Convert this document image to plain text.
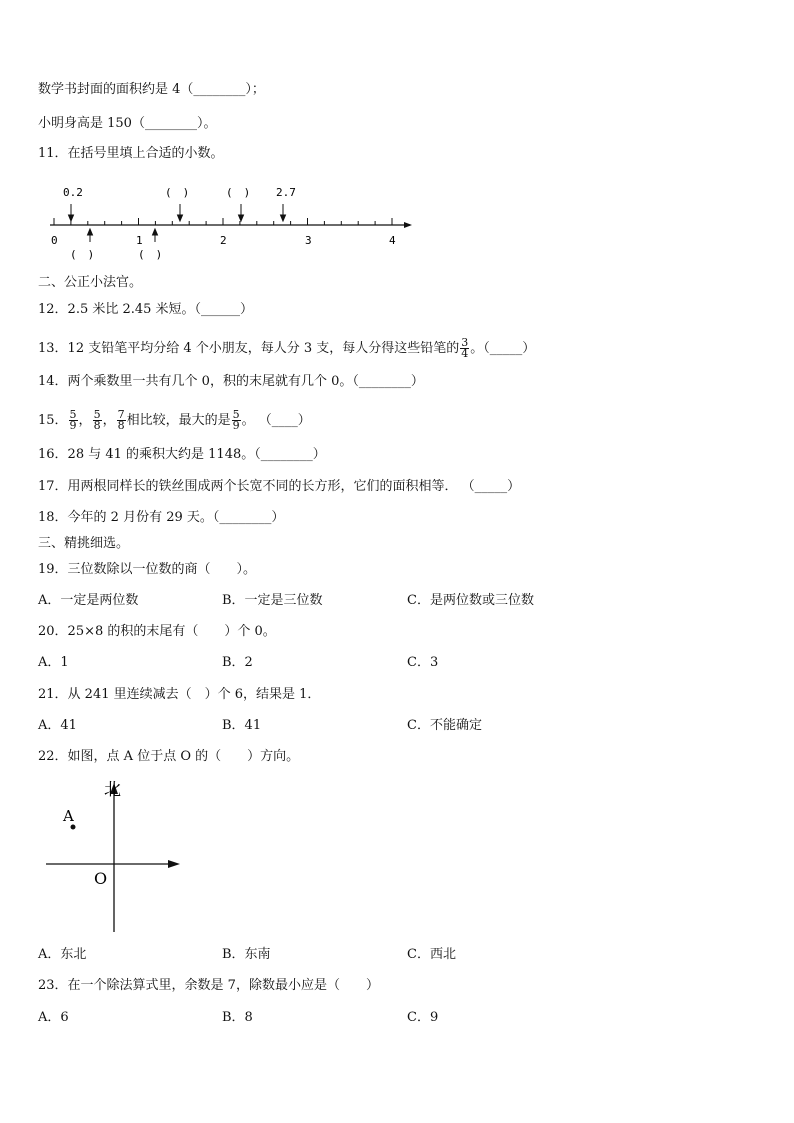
数学书封面的面积约是 4（________）；
小明身高是 150（________）。
11．在括号里填上合适的小数。
0.2	(　)	(　) 2.7
0	1	2	3	4
(　)	(　)
二、公正小法官。
12．2.5 米比 2.45 米短。（______）
13．12 支铅笔平均分给 4 个小朋友，每人分 3 支，每人分得这些铅笔的 $\frac{3}{4}$ 。（_____）
14．两个乘数里一共有几个 0，积的末尾就有几个 0。（________）
15． $\frac{5}{9}$ ， $\frac{5}{8}$ ， $\frac{7}{8}$ 相比较，最大的是 $\frac{5}{9}$ 。 （____）
16．28 与 41 的乘积大约是 1148。（________）
17．用两根同样长的铁丝围成两个长宽不同的长方形，它们的面积相等． （_____）
18．今年的 2 月份有 29 天。（________）
三、精挑细选。
19．三位数除以一位数的商（　　）。
A．一定是两位数	B．一定是三位数	C．是两位数或三位数
20．25×8 的积的末尾有（　　）个 0。
A．1	B．2	C．3
21．从 241 里连续减去（　）个 6，结果是 1．
A．41	B．41	C．不能确定
22．如图，点 A 位于点 O 的（　　）方向。
北
A
O
A．东北	B．东南	C．西北
23．在一个除法算式里，余数是 7，除数最小应是（　　）
A．6	B．8	C．9
